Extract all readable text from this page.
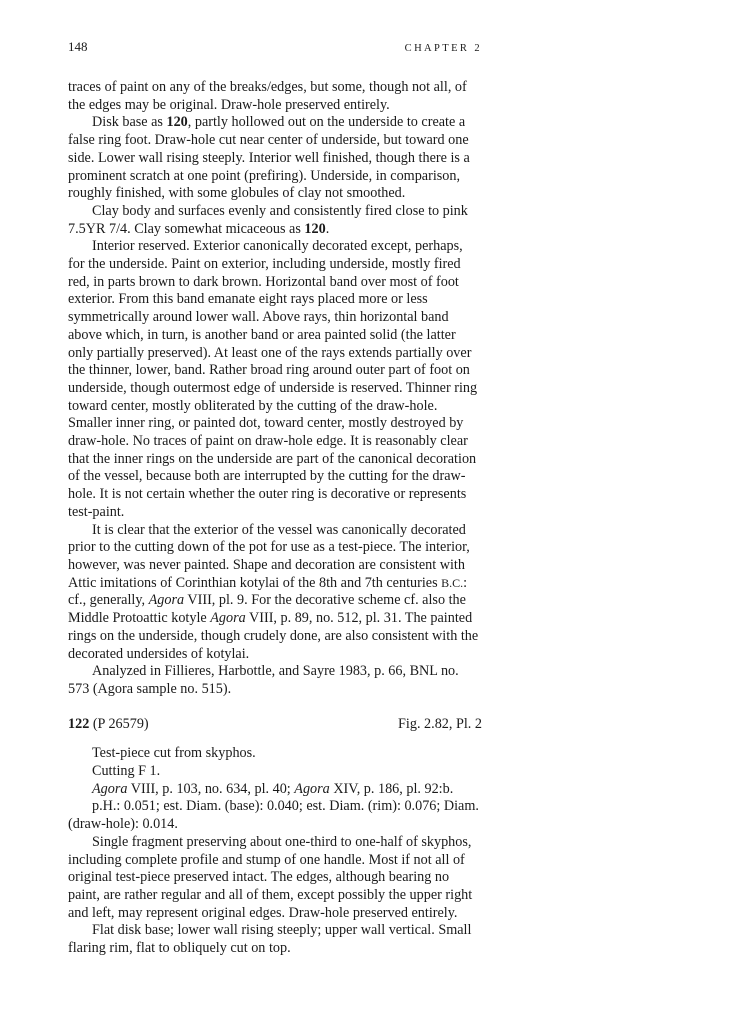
148	CHAPTER 2

traces of paint on any of the breaks/edges, but some, though not all, of the edges may be original. Draw-hole preserved entirely.

Disk base as 120, partly hollowed out on the underside to create a false ring foot. Draw-hole cut near center of underside, but toward one side. Lower wall rising steeply. Interior well finished, though there is a prominent scratch at one point (prefiring). Underside, in comparison, roughly finished, with some globules of clay not smoothed.

Clay body and surfaces evenly and consistently fired close to pink 7.5YR 7/4. Clay somewhat micaceous as 120.

Interior reserved. Exterior canonically decorated except, perhaps, for the underside. Paint on exterior, including underside, mostly fired red, in parts brown to dark brown. Horizontal band over most of foot exterior. From this band emanate eight rays placed more or less symmetrically around lower wall. Above rays, thin horizontal band above which, in turn, is another band or area painted solid (the latter only partially preserved). At least one of the rays extends partially over the thinner, lower, band. Rather broad ring around outer part of foot on underside, though outermost edge of underside is reserved. Thinner ring toward center, mostly obliterated by the cutting of the draw-hole. Smaller inner ring, or painted dot, toward center, mostly destroyed by draw-hole. No traces of paint on draw-hole edge. It is reasonably clear that the inner rings on the underside are part of the canonical decoration of the vessel, because both are interrupted by the cutting for the draw-hole. It is not certain whether the outer ring is decorative or represents test-paint.

It is clear that the exterior of the vessel was canonically decorated prior to the cutting down of the pot for use as a test-piece. The interior, however, was never painted. Shape and decoration are consistent with Attic imitations of Corinthian kotylai of the 8th and 7th centuries B.C.: cf., generally, Agora VIII, pl. 9. For the decorative scheme cf. also the Middle Protoattic kotyle Agora VIII, p. 89, no. 512, pl. 31. The painted rings on the underside, though crudely done, are also consistent with the decorated undersides of kotylai.

Analyzed in Fillieres, Harbottle, and Sayre 1983, p. 66, BNL no. 573 (Agora sample no. 515).

122 (P 26579)	Fig. 2.82, Pl. 2

Test-piece cut from skyphos.

Cutting F 1.

Agora VIII, p. 103, no. 634, pl. 40; Agora XIV, p. 186, pl. 92:b.

p.H.: 0.051; est. Diam. (base): 0.040; est. Diam. (rim): 0.076; Diam. (draw-hole): 0.014.

Single fragment preserving about one-third to one-half of skyphos, including complete profile and stump of one handle. Most if not all of original test-piece preserved intact. The edges, although bearing no paint, are rather regular and all of them, except possibly the upper right and left, may represent original edges. Draw-hole preserved entirely.

Flat disk base; lower wall rising steeply; upper wall vertical. Small flaring rim, flat to obliquely cut on top.
